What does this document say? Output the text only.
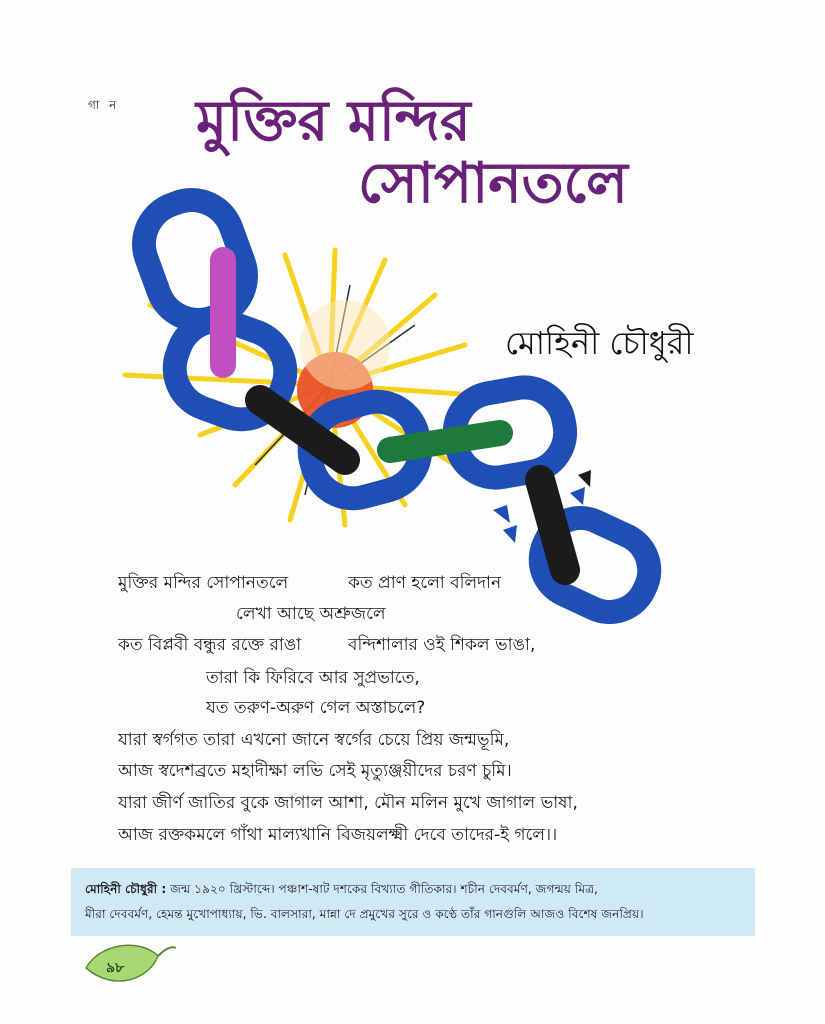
গা ন মুক্তির মন্দির
সোপানতলে
মোহিনী চৌধুরী
মুক্তির মন্দির সোপানতলে	কত প্রাণ হলো বলিদান
লেখা আছে অশ্রুজলে
কত বিপ্লবী বন্ধুর রক্তে রাঙা	বন্দিশালার ওই শিকল ভাঙা,
তারা কি ফিরিবে আর সুপ্রভাতে,
যত তরুণ-অরুণ গেল অস্তাচলে?
যারা স্বর্গগত তারা এখনো জানে স্বর্গের চেয়ে প্রিয় জন্মভূমি,
আজ স্বদেশব্রতে মহাদীক্ষা লভি সেই মৃত্যুঞ্জয়ীদের চরণ চুমি।
যারা জীর্ণ জাতির বুকে জাগাল আশা, মৌন মলিন মুখে জাগাল ভাষা,
আজ রক্তকমলে গাঁথা মাল্যখানি বিজয়লক্ষ্মী দেবে তাদের-ই গলে।।
মোহিনী চৌধুরী : জন্ম ১৯২০ খ্রিস্টাব্দে। পঞ্চাশ-ষাট দশকের বিখ্যাত গীতিকার। শচীন দেববর্মণ, জগন্ময় মিত্র,
মীরা দেববর্মণ, হেমন্ত মুখোপাধ্যায়, ভি. বালসারা, মান্না দে প্রমুখের সুরে ও কণ্ঠে তাঁর গানগুলি আজও বিশেষ জনপ্রিয়।
৯৮
